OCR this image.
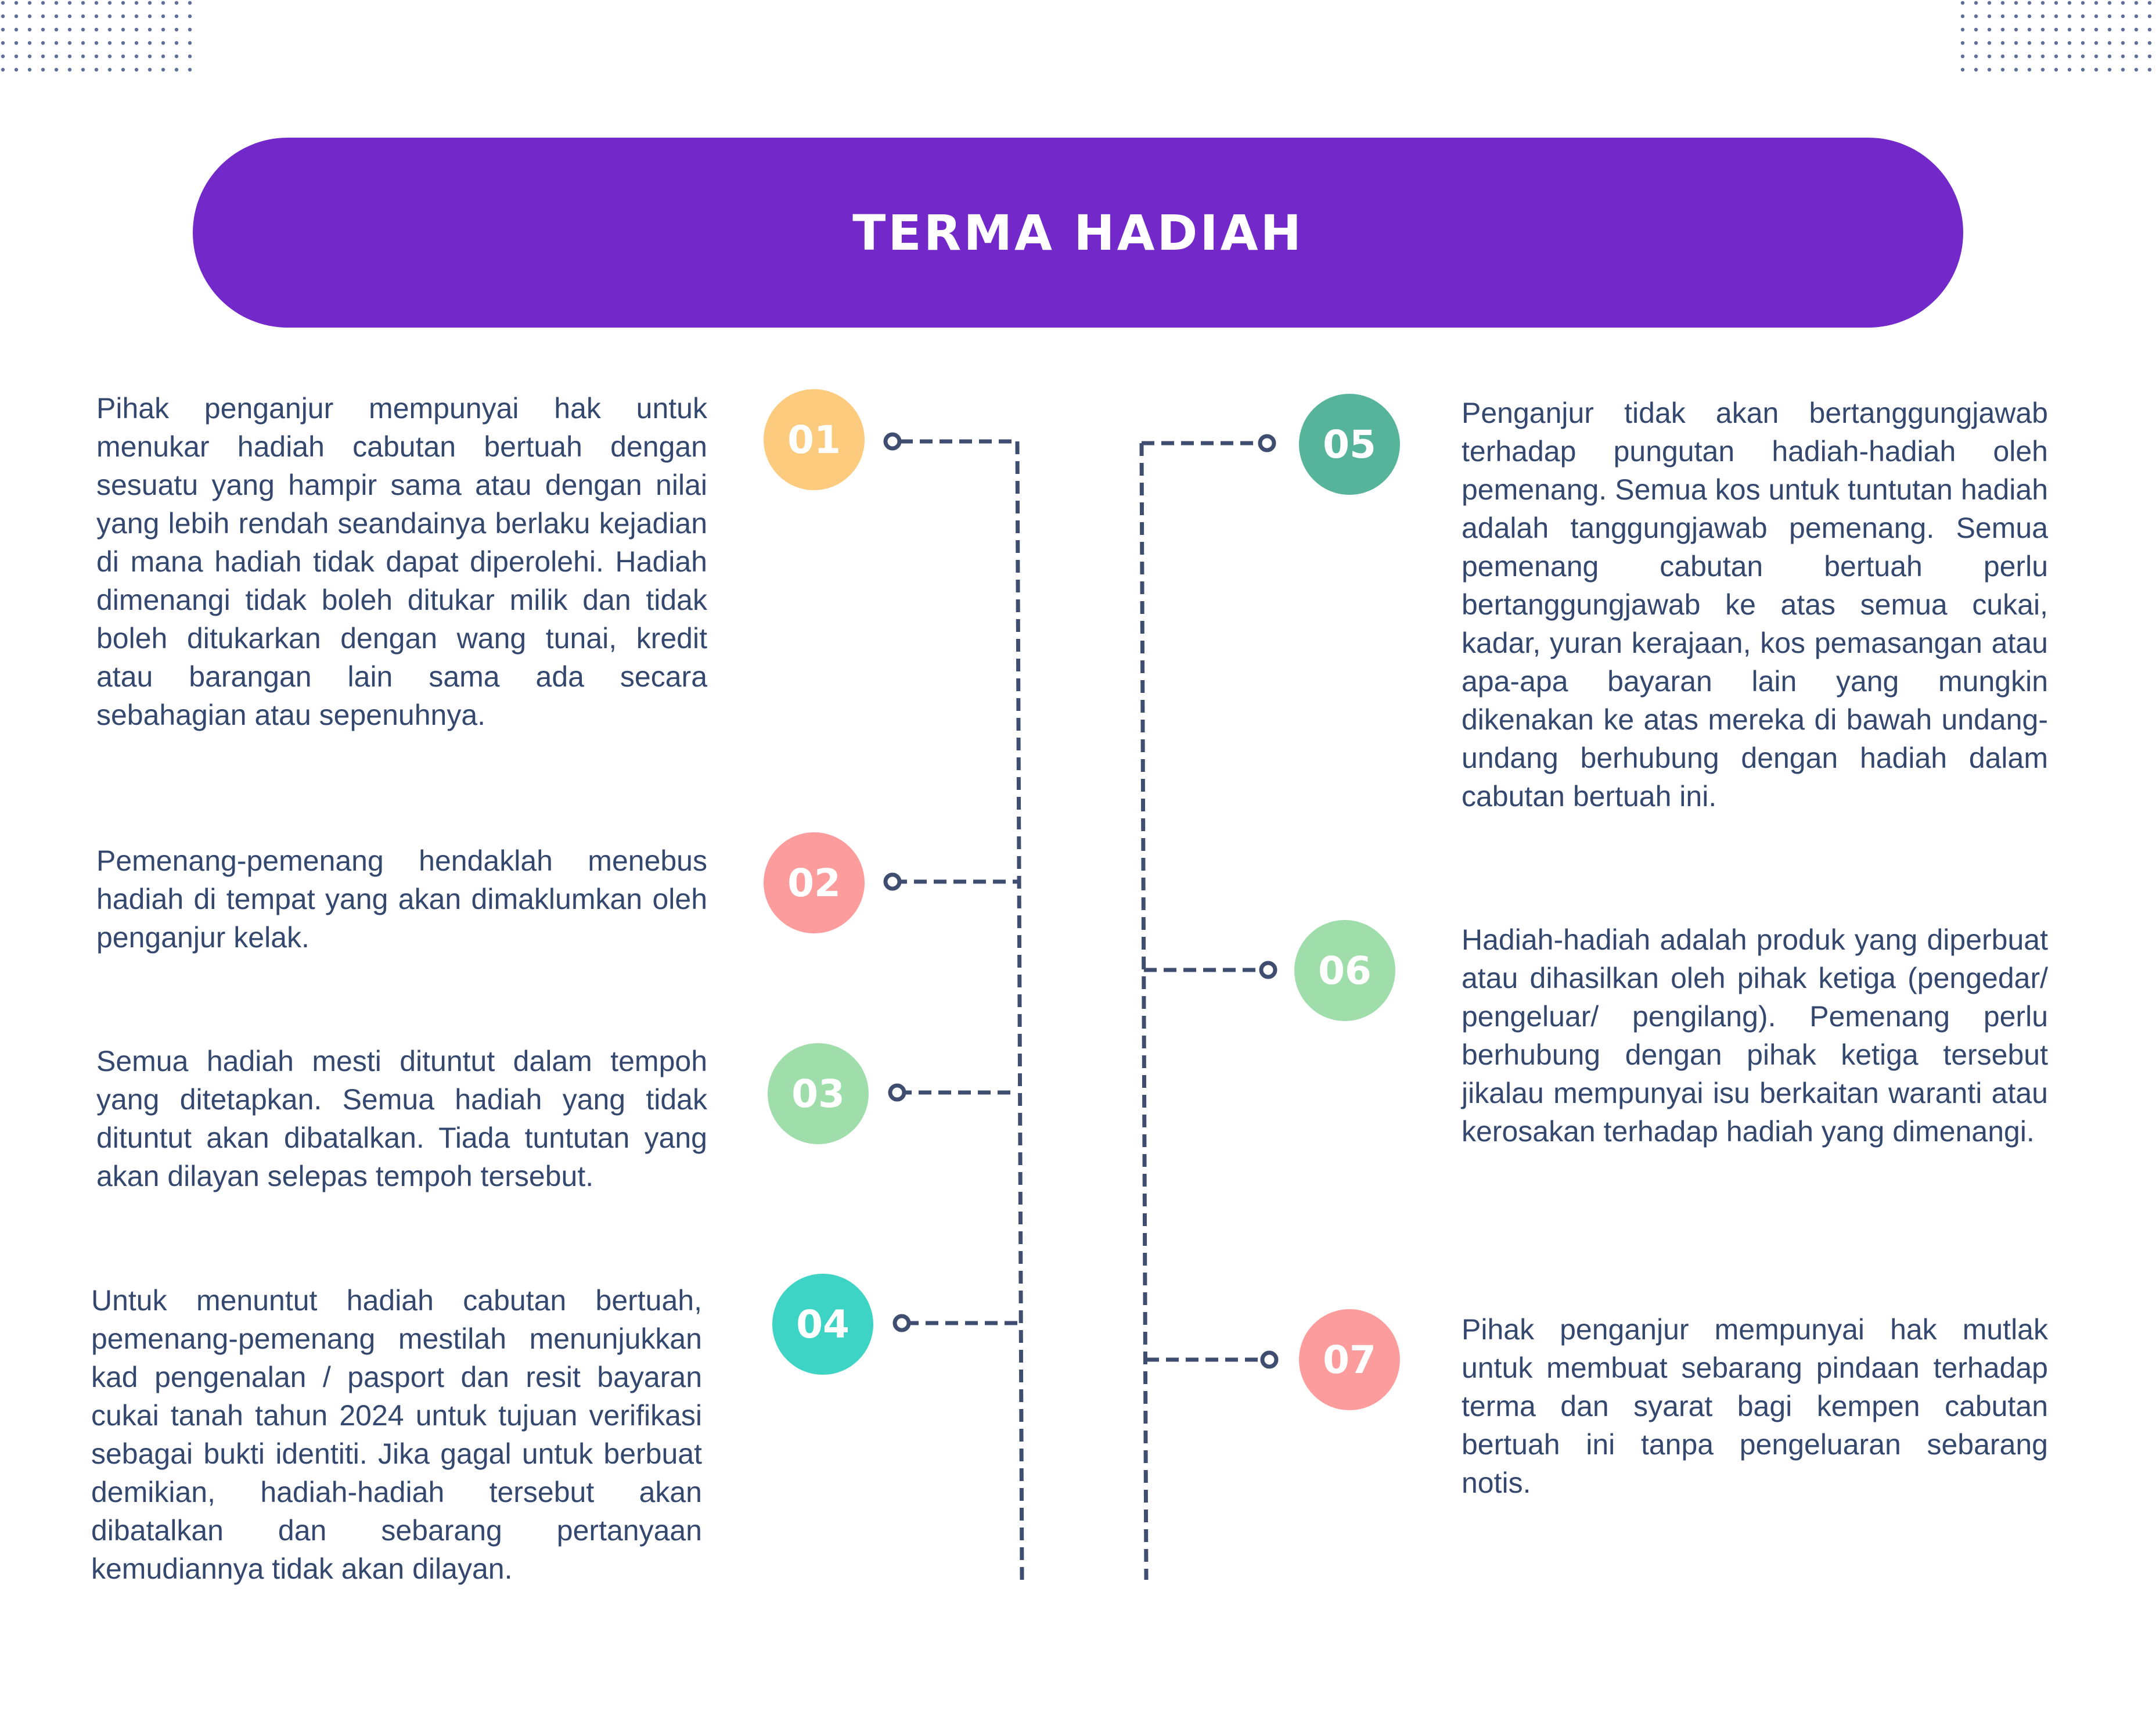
TERMA HADIAH
01
02
03
04
05
06
07

Pihak penganjur mempunyai hak untuk menukar hadiah cabutan bertuah dengan sesuatu yang hampir sama atau dengan nilai yang lebih rendah seandainya berlaku kejadian di mana hadiah tidak dapat diperolehi. Hadiah dimenangi tidak boleh ditukar milik dan tidak boleh ditukarkan dengan wang tunai, kredit atau barangan lain sama ada secara sebahagian atau sepenuhnya.

Pemenang-pemenang hendaklah menebus hadiah di tempat yang akan dimaklumkan oleh penganjur kelak.

Semua hadiah mesti dituntut dalam tempoh yang ditetapkan. Semua hadiah yang tidak dituntut akan dibatalkan. Tiada tuntutan yang akan dilayan selepas tempoh tersebut.

Untuk menuntut hadiah cabutan bertuah, pemenang-pemenang mestilah menunjukkan kad pengenalan / pasport dan resit bayaran cukai tanah tahun 2024 untuk tujuan verifikasi sebagai bukti identiti. Jika gagal untuk berbuat demikian, hadiah-hadiah tersebut akan dibatalkan dan sebarang pertanyaan kemudiannya tidak akan dilayan.

Penganjur tidak akan bertanggungjawab terhadap pungutan hadiah-hadiah oleh pemenang. Semua kos untuk tuntutan hadiah adalah tanggungjawab pemenang. Semua pemenang cabutan bertuah perlu bertanggungjawab ke atas semua cukai, kadar, yuran kerajaan, kos pemasangan atau apa-apa bayaran lain yang mungkin dikenakan ke atas mereka di bawah undang-undang berhubung dengan hadiah dalam cabutan bertuah ini.

Hadiah-hadiah adalah produk yang diperbuat atau dihasilkan oleh pihak ketiga (pengedar/ pengeluar/ pengilang). Pemenang perlu berhubung dengan pihak ketiga tersebut jikalau mempunyai isu berkaitan waranti atau kerosakan terhadap hadiah yang dimenangi.

Pihak penganjur mempunyai hak mutlak untuk membuat sebarang pindaan terhadap terma dan syarat bagi kempen cabutan bertuah ini tanpa pengeluaran sebarang notis.
